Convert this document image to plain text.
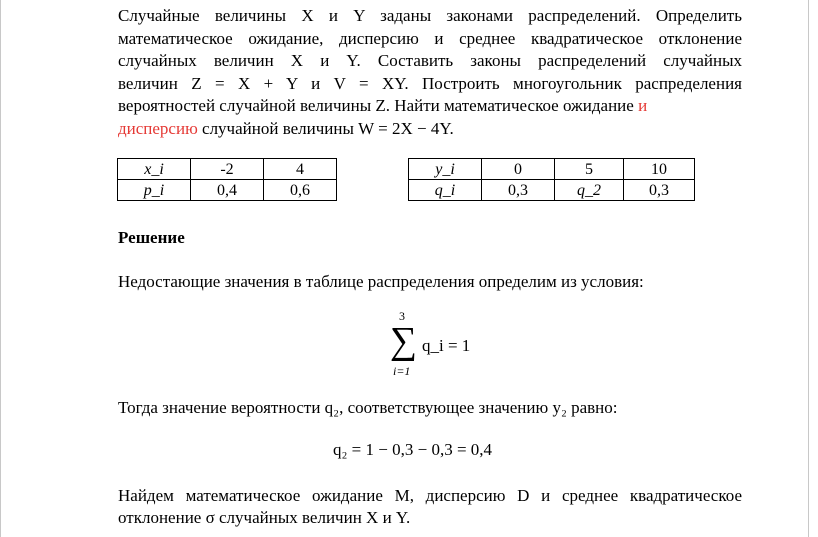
Случайные величины X и Y заданы законами распределений. Определить
математическое ожидание, дисперсию и среднее квадратическое отклонение
случайных величин X и Y. Составить законы распределений случайных
величин Z = X + Y и V = XY. Построить многоугольник распределения
вероятностей случайной величины Z. Найти математическое ожидание и
дисперсию случайной величины W = 2X − 4Y.
x_i	-2	4
p_i	0,4	0,6
y_i	0	5	10
q_i	0,3	q_2	0,3
Решение
Недостающие значения в таблице распределения определим из условия:
3
∑
i=1
q_i = 1
Тогда значение вероятности q₂, соответствующее значению y₂ равно:
q₂ = 1 − 0,3 − 0,3 = 0,4
Найдем математическое ожидание M, дисперсию D и среднее квадратическое
отклонение σ случайных величин X и Y.
